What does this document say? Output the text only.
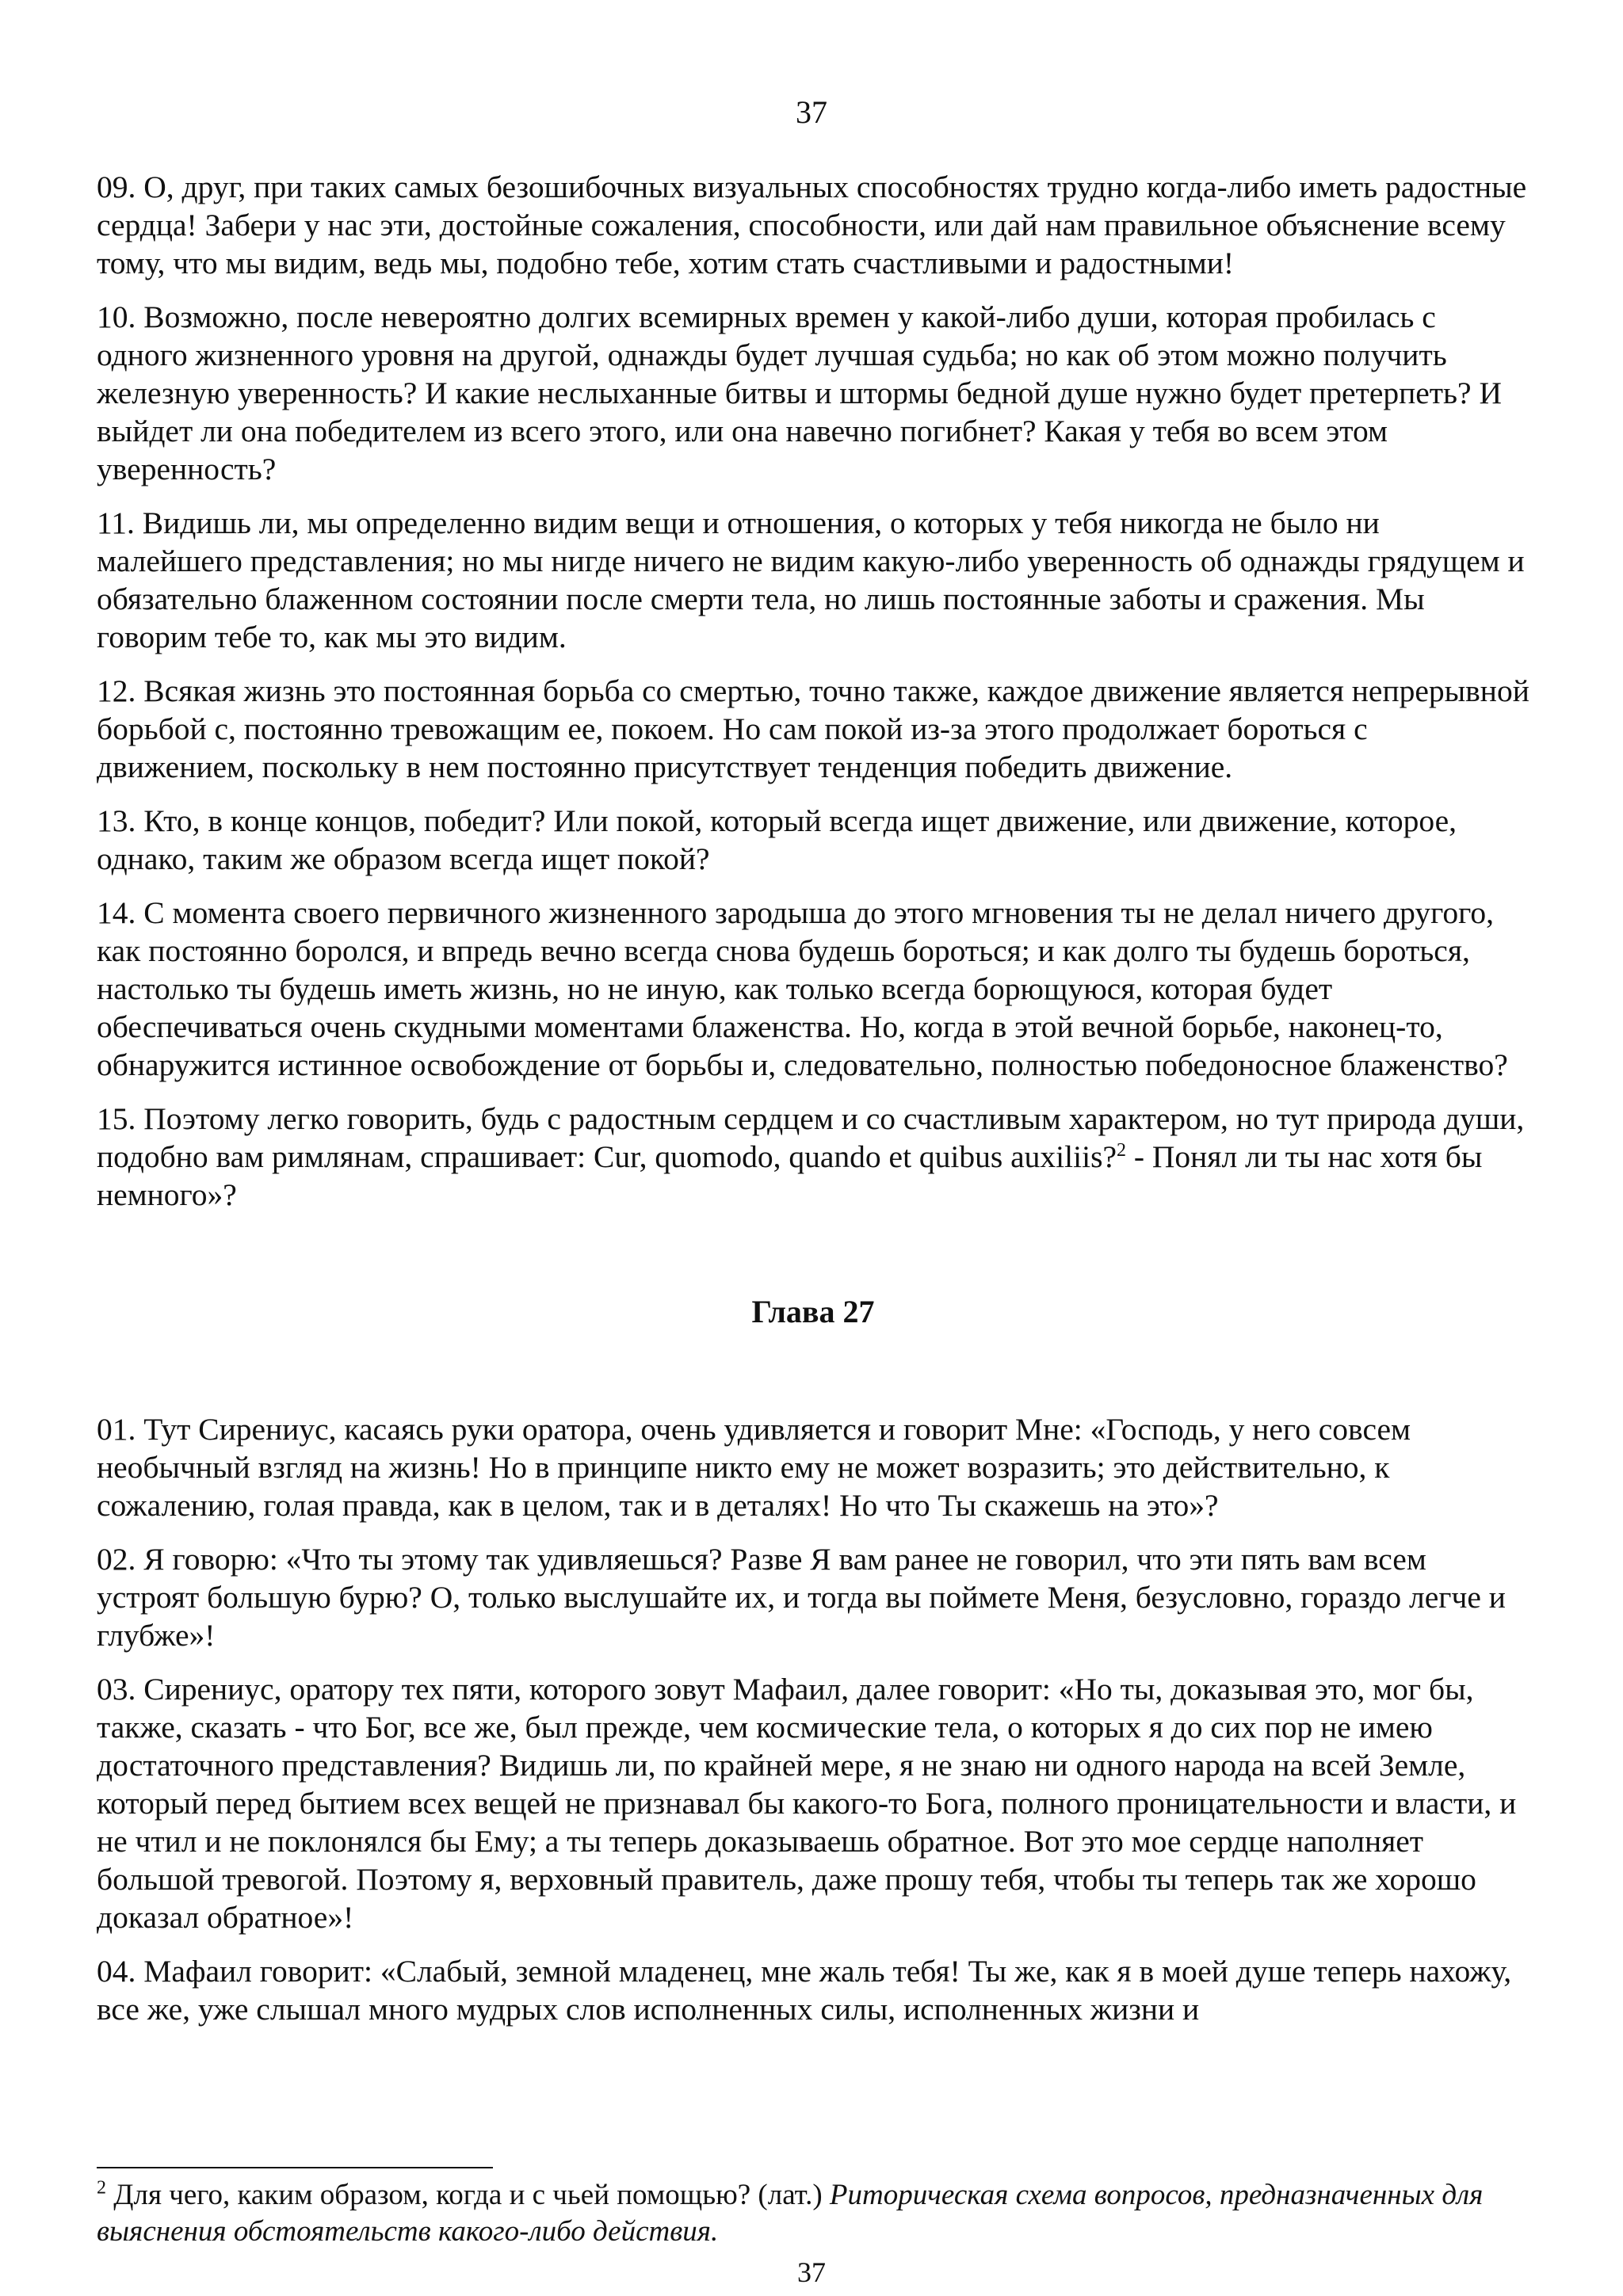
37

09. О, друг, при таких самых безошибочных визуальных способностях трудно когда-либо иметь радостные сердца! Забери у нас эти, достойные сожаления, способности, или дай нам правильное объяснение всему тому, что мы видим, ведь мы, подобно тебе, хотим стать счастливыми и радостными!

10. Возможно, после невероятно долгих всемирных времен у какой-либо души, которая пробилась с одного жизненного уровня на другой, однажды будет лучшая судьба; но как об этом можно получить железную уверенность? И какие неслыханные битвы и штормы бедной душе нужно будет претерпеть? И выйдет ли она победителем из всего этого, или она навечно погибнет? Какая у тебя во всем этом уверенность?

11. Видишь ли, мы определенно видим вещи и отношения, о которых у тебя никогда не было ни малейшего представления; но мы нигде ничего не видим какую-либо уверенность об однажды грядущем и обязательно блаженном состоянии после смерти тела, но лишь постоянные заботы и сражения. Мы говорим тебе то, как мы это видим.

12. Всякая жизнь это постоянная борьба со смертью, точно также, каждое движение является непрерывной борьбой с, постоянно тревожащим ее, покоем. Но сам покой из-за этого продолжает бороться с движением, поскольку в нем постоянно присутствует тенденция победить движение.

13. Кто, в конце концов, победит? Или покой, который всегда ищет движение, или движение, которое, однако, таким же образом всегда ищет покой?

14. С момента своего первичного жизненного зародыша до этого мгновения ты не делал ничего другого, как постоянно боролся, и впредь вечно всегда снова будешь бороться; и как долго ты будешь бороться, настолько ты будешь иметь жизнь, но не иную, как только всегда борющуюся, которая будет обеспечиваться очень скудными моментами блаженства. Но, когда в этой вечной борьбе, наконец-то, обнаружится истинное освобождение от борьбы и, следовательно, полностью победоносное блаженство?

15. Поэтому легко говорить, будь с радостным сердцем и со счастливым характером, но тут природа души, подобно вам римлянам, спрашивает: Cur, quomodo, quando et quibus auxiliis?$^2$ - Понял ли ты нас хотя бы немного»?

Глава 27

01. Тут Сирениус, касаясь руки оратора, очень удивляется и говорит Мне: «Господь, у него совсем необычный взгляд на жизнь! Но в принципе никто ему не может возразить; это действительно, к сожалению, голая правда, как в целом, так и в деталях! Но что Ты скажешь на это»?

02. Я говорю: «Что ты этому так удивляешься? Разве Я вам ранее не говорил, что эти пять вам всем устроят большую бурю? О, только выслушайте их, и тогда вы поймете Меня, безусловно, гораздо легче и глубже»!

03. Сирениус, оратору тех пяти, которого зовут Мафаил, далее говорит: «Но ты, доказывая это, мог бы, также, сказать - что Бог, все же, был прежде, чем космические тела, о которых я до сих пор не имею достаточного представления? Видишь ли, по крайней мере, я не знаю ни одного народа на всей Земле, который перед бытием всех вещей не признавал бы какого-то Бога, полного проницательности и власти, и не чтил и не поклонялся бы Ему; а ты теперь доказываешь обратное. Вот это мое сердце наполняет большой тревогой. Поэтому я, верховный правитель, даже прошу тебя, чтобы ты теперь так же хорошо доказал обратное»!

04. Мафаил говорит: «Слабый, земной младенец, мне жаль тебя! Ты же, как я в моей душе теперь нахожу, все же, уже слышал много мудрых слов исполненных силы, исполненных жизни и

$^2$ Для чего, каким образом, когда и с чьей помощью? (лат.) Риторическая схема вопросов, предназначенных для выяснения обстоятельств какого-либо действия.
37
